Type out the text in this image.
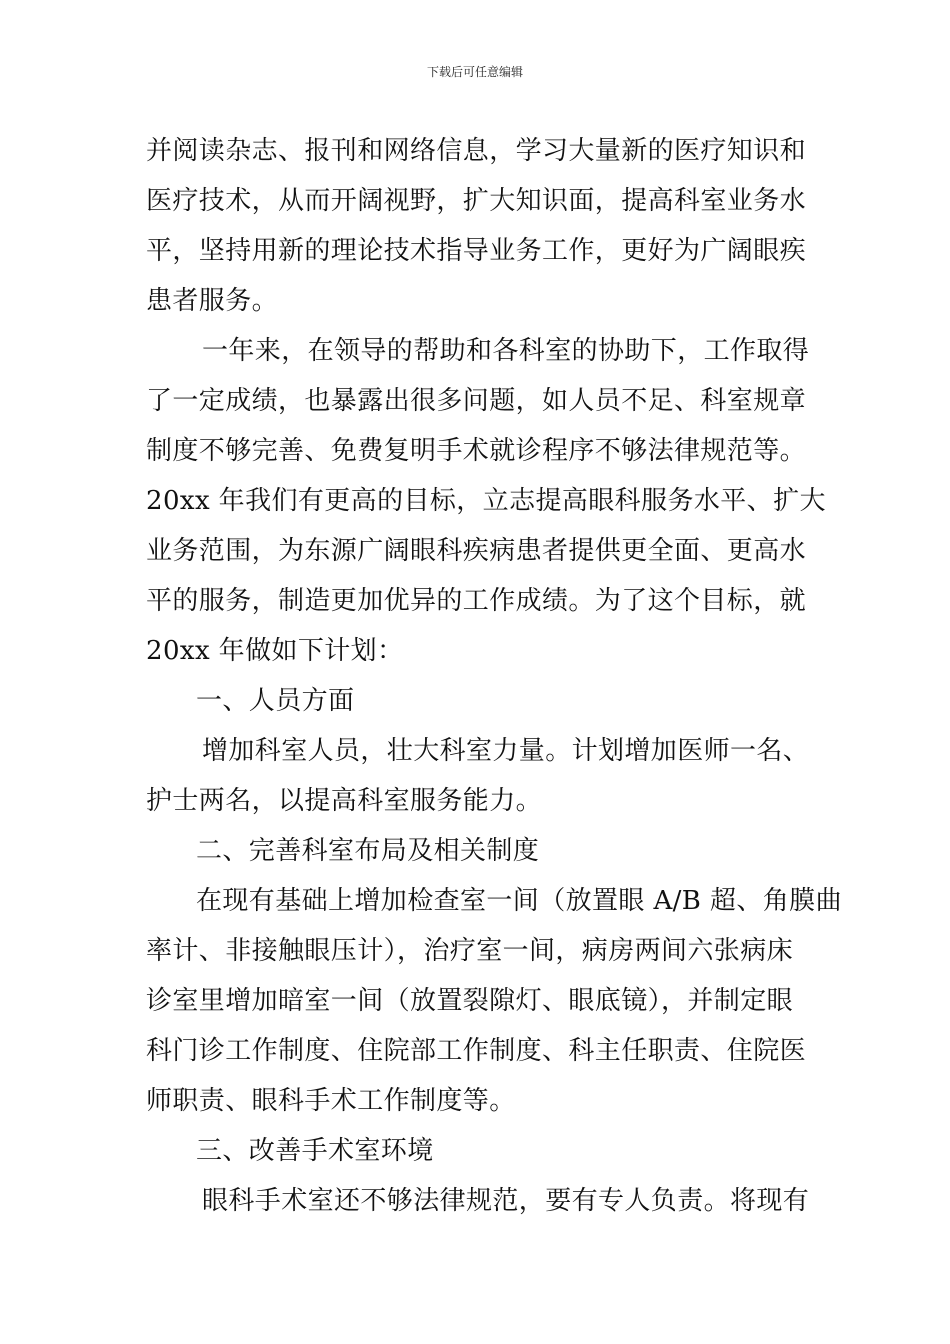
下载后可任意编辑
并阅读杂志、报刊和网络信息，学习大量新的医疗知识和
医疗技术，从而开阔视野，扩大知识面，提高科室业务水
平，坚持用新的理论技术指导业务工作，更好为广阔眼疾
患者服务。
一年来，在领导的帮助和各科室的协助下，工作取得
了一定成绩，也暴露出很多问题，如人员不足、科室规章
制度不够完善、免费复明手术就诊程序不够法律规范等。
20xx 年我们有更高的目标，立志提高眼科服务水平、扩大
业务范围，为东源广阔眼科疾病患者提供更全面、更高水
平的服务，制造更加优异的工作成绩。为了这个目标，就
20xx 年做如下计划：
一、人员方面
增加科室人员，壮大科室力量。计划增加医师一名、
护士两名，以提高科室服务能力。
二、完善科室布局及相关制度
在现有基础上增加检查室一间（放置眼 A/B 超、角膜曲
率计、非接触眼压计），治疗室一间，病房两间六张病床
诊室里增加暗室一间（放置裂隙灯、眼底镜），并制定眼
科门诊工作制度、住院部工作制度、科主任职责、住院医
师职责、眼科手术工作制度等。
三、改善手术室环境
眼科手术室还不够法律规范，要有专人负责。将现有
